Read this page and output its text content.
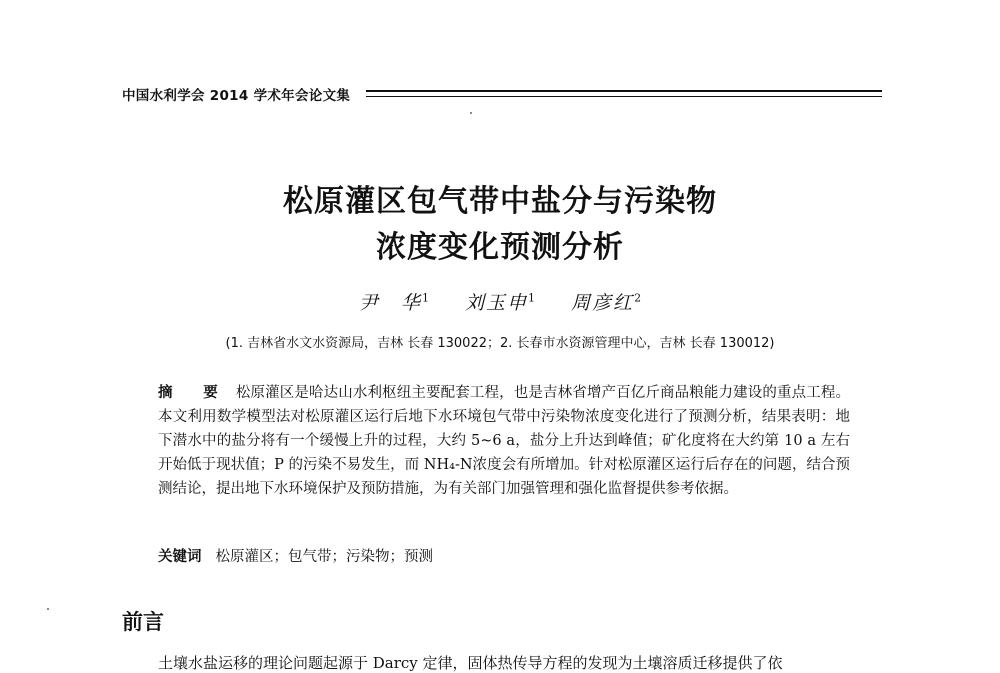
中国水利学会 2014 学术年会论文集
松原灌区包气带中盐分与污染物
浓度变化预测分析
尹　华$^1$ 刘玉申$^1$ 周彦红$^2$
(1. 吉林省水文水资源局，吉林 长春 130022；2. 长春市水资源管理中心，吉林 长春 130012)
摘　要 松原灌区是哈达山水利枢纽主要配套工程，也是吉林省增产百亿斤商品粮能力建设的重点工程。本文利用数学模型法对松原灌区运行后地下水环境包气带中污染物浓度变化进行了预测分析，结果表明：地下潜水中的盐分将有一个缓慢上升的过程，大约 5~6 a，盐分上升达到峰值；矿化度将在大约第 10 a 左右开始低于现状值；P 的污染不易发生，而 NH₄-N浓度会有所增加。针对松原灌区运行后存在的问题，结合预测结论，提出地下水环境保护及预防措施，为有关部门加强管理和强化监督提供参考依据。
关键词 松原灌区；包气带；污染物；预测
前言
土壤水盐运移的理论问题起源于 Darcy 定律，固体热传导方程的发现为土壤溶质迁移提供了依
